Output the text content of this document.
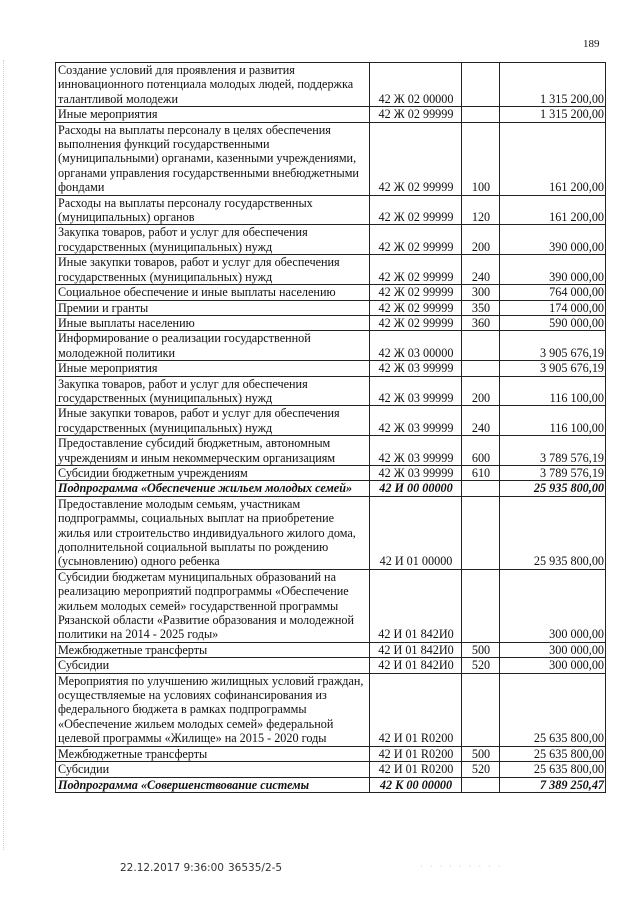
189
Создание условий для проявления и развития инновационного потенциала молодых людей, поддержка талантливой молодежи	42 Ж 02 00000		1 315 200,00
Иные мероприятия	42 Ж 02 99999		1 315 200,00
Расходы на выплаты персоналу в целях обеспечения выполнения функций государственными (муниципальными) органами, казенными учреждениями, органами управления государственными внебюджетными фондами	42 Ж 02 99999	100	161 200,00
Расходы на выплаты персоналу государственных (муниципальных) органов	42 Ж 02 99999	120	161 200,00
Закупка товаров, работ и услуг для обеспечения государственных (муниципальных) нужд	42 Ж 02 99999	200	390 000,00
Иные закупки товаров, работ и услуг для обеспечения государственных (муниципальных) нужд	42 Ж 02 99999	240	390 000,00
Социальное обеспечение и иные выплаты населению	42 Ж 02 99999	300	764 000,00
Премии и гранты	42 Ж 02 99999	350	174 000,00
Иные выплаты населению	42 Ж 02 99999	360	590 000,00
Информирование о реализации государственной молодежной политики	42 Ж 03 00000		3 905 676,19
Иные мероприятия	42 Ж 03 99999		3 905 676,19
Закупка товаров, работ и услуг для обеспечения государственных (муниципальных) нужд	42 Ж 03 99999	200	116 100,00
Иные закупки товаров, работ и услуг для обеспечения государственных (муниципальных) нужд	42 Ж 03 99999	240	116 100,00
Предоставление субсидий бюджетным, автономным учреждениям и иным некоммерческим организациям	42 Ж 03 99999	600	3 789 576,19
Субсидии бюджетным учреждениям	42 Ж 03 99999	610	3 789 576,19
Подпрограмма «Обеспечение жильем молодых семей»	42 И 00 00000		25 935 800,00
Предоставление молодым семьям, участникам подпрограммы, социальных выплат на приобретение жилья или строительство индивидуального жилого дома, дополнительной социальной выплаты по рождению (усыновлению) одного ребенка	42 И 01 00000		25 935 800,00
Субсидии бюджетам муниципальных образований на реализацию мероприятий подпрограммы «Обеспечение жильем молодых семей» государственной программы Рязанской области «Развитие образования и молодежной политики на 2014 - 2025 годы»	42 И 01 842И0		300 000,00
Межбюджетные трансферты	42 И 01 842И0	500	300 000,00
Субсидии	42 И 01 842И0	520	300 000,00
Мероприятия по улучшению жилищных условий граждан, осуществляемые на условиях софинансирования из федерального бюджета в рамках подпрограммы «Обеспечение жильем молодых семей» федеральной целевой программы «Жилище» на 2015 - 2020 годы	42 И 01 R0200		25 635 800,00
Межбюджетные трансферты	42 И 01 R0200	500	25 635 800,00
Субсидии	42 И 01 R0200	520	25 635 800,00
Подпрограмма «Совершенствование системы	42 К 00 00000		7 389 250,47
22.12.2017 9:36:00 36535/2-5	· · · · · · · · ·
